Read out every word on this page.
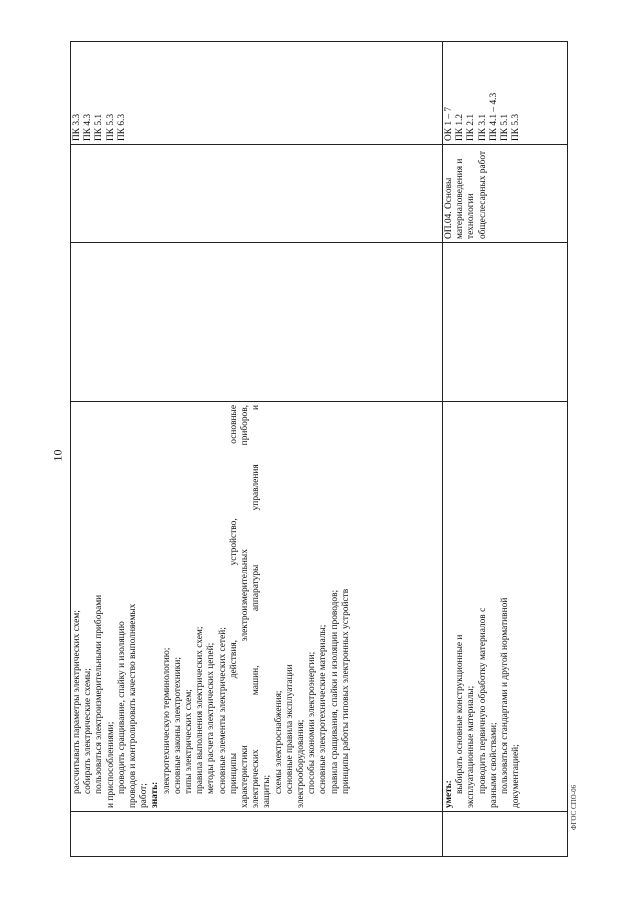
10
ФГОС СПО-06
рассчитывать параметры электрических схем; собирать электрические схемы; пользоваться электроизмерительными приборами и приспособлениями; проводить сращивание, спайку и изоляцию проводов и контролировать качество выполняемых работ; знать:
электротехническую терминологию; основные законы электротехники; типы электрических схем; правила выполнения электрических схем; методы расчета электрических цепей; основные элементы электрических сетей; принципы действия, устройство, основные характеристики электроизмерительных приборов, электрических машин, аппаратуры управления и защиты; схемы электроснабжения; основные правила эксплуатации электрооборудования; способы экономии электроэнергии; основные электротехнические материалы; правила сращивания, спайки и изоляции проводов; принципы работы типовых электронных устройств
ПК 3.3 ПК 4.3 ПК 5.1 ПК 5.3 ПК 6.3
уметь:
выбирать основные конструкционные и эксплуатационные материалы; проводить первичную обработку материалов с разными свойствами; пользоваться стандартами и другой нормативной документацией;
ОП.04. Основы материаловедения и технологии общеслесарных работ
ОК 1 – 7 ПК 1.2 ПК 2.1 ПК 3.1 ПК 4.1 – 4.3 ПК 5.1 ПК 5.3
